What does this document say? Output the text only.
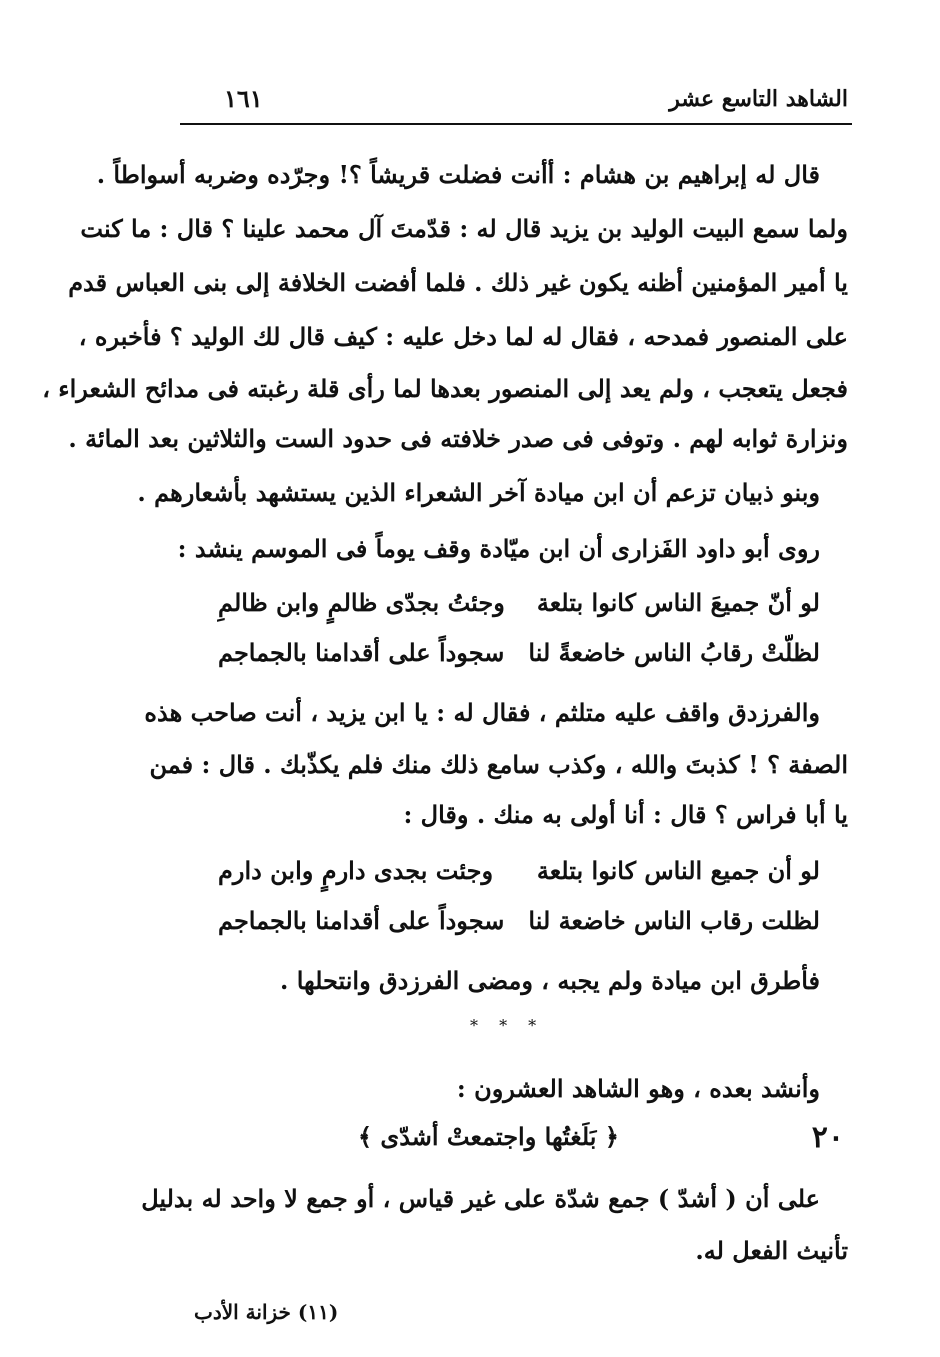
الشاهد التاسع عشر
١٦١
قال له إبراهيم بن هشام : أأنت فضلت قريشاً ؟! وجرّده وضربه أسواطاً .
ولما سمع البيت الوليد بن يزيد قال له : قدّمتَ آل محمد علينا ؟ قال : ما كنت
يا أمير المؤمنين أظنه يكون غير ذلك . فلما أفضت الخلافة إلى بنى العباس قدم
على المنصور فمدحه ، فقال له لما دخل عليه : كيف قال لك الوليد ؟ فأخبره ،
فجعل يتعجب ، ولم يعد إلى المنصور بعدها لما رأى قلة رغبته فى مدائح الشعراء ،
ونزارة ثوابه لهم . وتوفى فى صدر خلافته فى حدود الست والثلاثين بعد المائة .
وبنو ذبيان تزعم أن ابن ميادة آخر الشعراء الذين يستشهد بأشعارهم .
روى أبو داود الفَزارى أن ابن ميّادة وقف يوماً فى الموسم ينشد :
لو أنّ جميعَ الناس كانوا بتلعة
وجئتُ بجدّى ظالمٍ وابن ظالمِ
لظلّتْ رقابُ الناس خاضعةً لنا
سجوداً على أقدامنا بالجماجم
والفرزدق واقف عليه متلثم ، فقال له : يا ابن يزيد ، أنت صاحب هذه
الصفة ؟ ! كذبتَ والله ، وكذب سامع ذلك منك فلم يكذّبك . قال : فمن
يا أبا فراس ؟ قال : أنا أولى به منك . وقال :
لو أن جميع الناس كانوا بتلعة
وجئت بجدى دارمٍ وابن دارم
لظلت رقاب الناس خاضعة لنا
سجوداً على أقدامنا بالجماجم
فأطرق ابن ميادة ولم يجبه ، ومضى الفرزدق وانتحلها .
* * *
وأنشد بعده ، وهو الشاهد العشرون :
٢٠
﴿ بَلَغتُها واجتمعتْ أشدّى ﴾
على أن ( أشدّ ) جمع شدّة على غير قياس ، أو جمع لا واحد له بدليل
تأنيث الفعل له.
(١١) خزانة الأدب
